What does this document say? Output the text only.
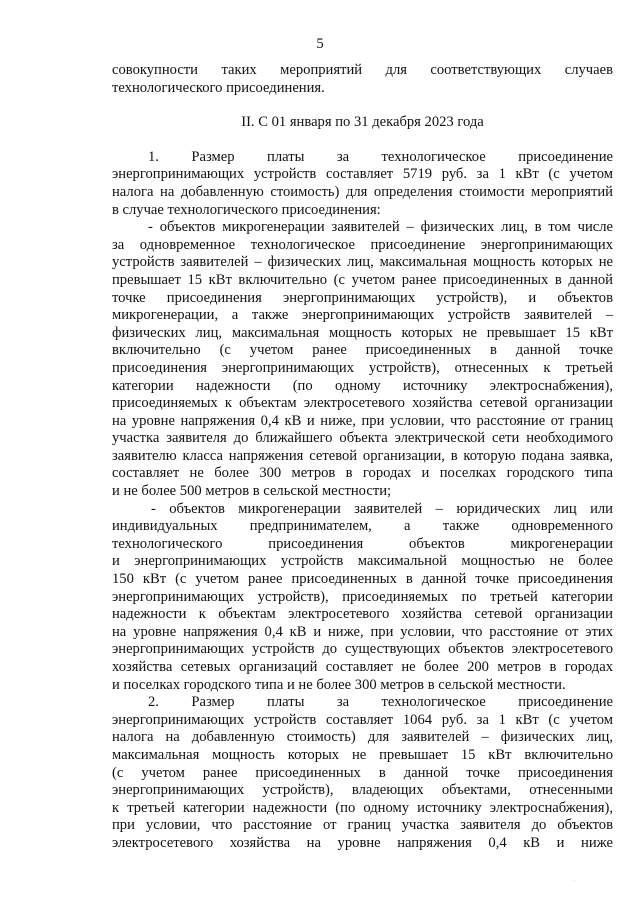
5
совокупности таких мероприятий для соответствующих случаев
технологического присоединения.
II. С 01 января по 31 декабря 2023 года
1. Размер платы за технологическое присоединение
энергопринимающих устройств составляет 5719 руб. за 1 кВт (с учетом
налога на добавленную стоимость) для определения стоимости мероприятий
в случае технологического присоединения:
- объектов микрогенерации заявителей – физических лиц, в том числе
за одновременное технологическое присоединение энергопринимающих
устройств заявителей – физических лиц, максимальная мощность которых не
превышает 15 кВт включительно (с учетом ранее присоединенных в данной
точке присоединения энергопринимающих устройств), и объектов
микрогенерации, а также энергопринимающих устройств заявителей –
физических лиц, максимальная мощность которых не превышает 15 кВт
включительно (с учетом ранее присоединенных в данной точке
присоединения энергопринимающих устройств), отнесенных к третьей
категории надежности (по одному источнику электроснабжения),
присоединяемых к объектам электросетевого хозяйства сетевой организации
на уровне напряжения 0,4 кВ и ниже, при условии, что расстояние от границ
участка заявителя до ближайшего объекта электрической сети необходимого
заявителю класса напряжения сетевой организации, в которую подана заявка,
составляет не более 300 метров в городах и поселках городского типа
и не более 500 метров в сельской местности;
- объектов микрогенерации заявителей – юридических лиц или
индивидуальных предпринимателем, а также одновременного
технологического присоединения объектов микрогенерации
и энергопринимающих устройств максимальной мощностью не более
150 кВт (с учетом ранее присоединенных в данной точке присоединения
энергопринимающих устройств), присоединяемых по третьей категории
надежности к объектам электросетевого хозяйства сетевой организации
на уровне напряжения 0,4 кВ и ниже, при условии, что расстояние от этих
энергопринимающих устройств до существующих объектов электросетевого
хозяйства сетевых организаций составляет не более 200 метров в городах
и поселках городского типа и не более 300 метров в сельской местности.
2. Размер платы за технологическое присоединение
энергопринимающих устройств составляет 1064 руб. за 1 кВт (с учетом
налога на добавленную стоимость) для заявителей – физических лиц,
максимальная мощность которых не превышает 15 кВт включительно
(с учетом ранее присоединенных в данной точке присоединения
энергопринимающих устройств), владеющих объектами, отнесенными
к третьей категории надежности (по одному источнику электроснабжения),
при условии, что расстояние от границ участка заявителя до объектов
электросетевого хозяйства на уровне напряжения 0,4 кВ и ниже
·
